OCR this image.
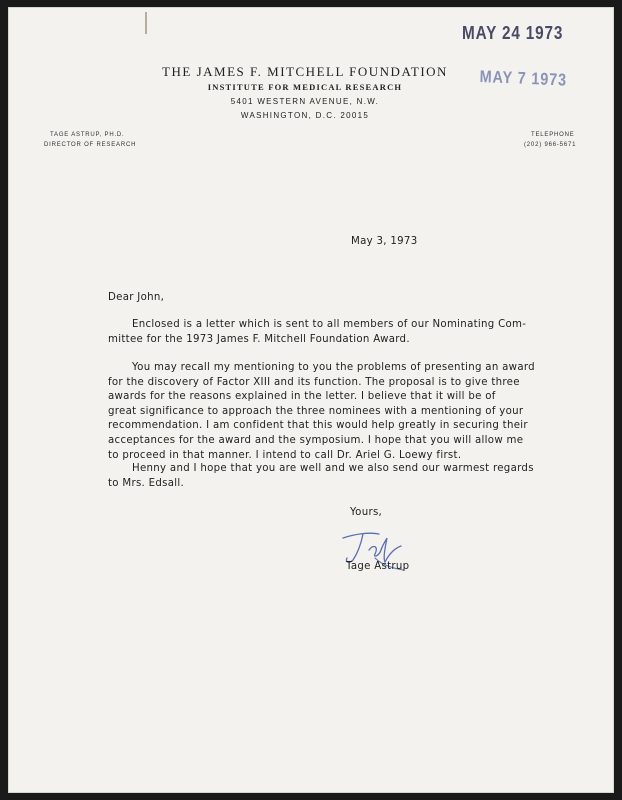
MAY 24 1973
MAY 7 1973
THE JAMES F. MITCHELL FOUNDATION
INSTITUTE FOR MEDICAL RESEARCH
5401 WESTERN AVENUE, N.W.
WASHINGTON, D.C. 20015
TAGE ASTRUP, PH.D.
DIRECTOR OF RESEARCH
TELEPHONE
(202) 966-5671
May 3, 1973
Dear John,
Enclosed is a letter which is sent to all members of our Nominating Com-
mittee for the 1973 James F. Mitchell Foundation Award.
You may recall my mentioning to you the problems of presenting an award
for the discovery of Factor XIII and its function. The proposal is to give three
awards for the reasons explained in the letter. I believe that it will be of
great significance to approach the three nominees with a mentioning of your
recommendation. I am confident that this would help greatly in securing their
acceptances for the award and the symposium. I hope that you will allow me
to proceed in that manner. I intend to call Dr. Ariel G. Loewy first.
Henny and I hope that you are well and we also send our warmest regards
to Mrs. Edsall.
Yours,
Tage Astrup
